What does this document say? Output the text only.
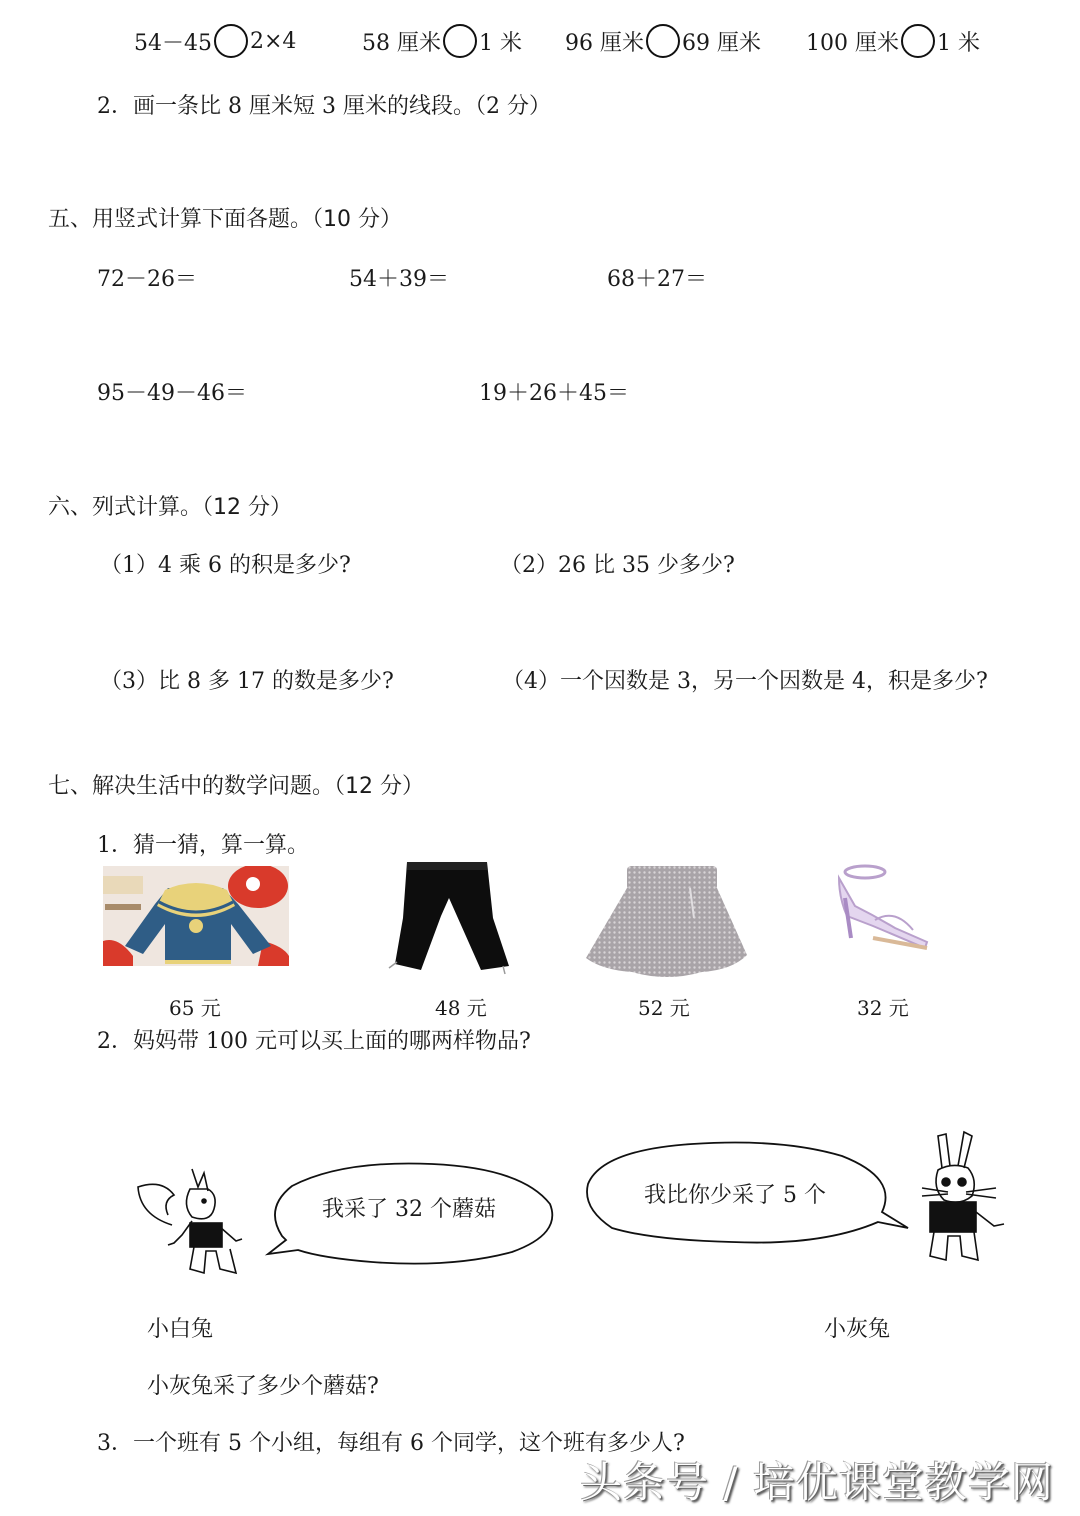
54－45 2×4	58 厘米 1 米 96 厘米 69 厘米 100 厘米 1 米
2．画一条比 8 厘米短 3 厘米的线段。（2 分）
五、用竖式计算下面各题。（10 分）
72－26＝	54＋39＝	68＋27＝
95－49－46＝	19＋26＋45＝
六、列式计算。（12 分）
（1）4 乘 6 的积是多少?	（2）26 比 35 少多少?
（3）比 8 多 17 的数是多少?	（4）一个因数是 3，另一个因数是 4，积是多少?
七、解决生活中的数学问题。（12 分）
1．猜一猜，算一算。
65 元	48 元	52 元	32 元
2．妈妈带 100 元可以买上面的哪两样物品?
我采了 32 个蘑菇
我比你少采了 5 个
小白兔	小灰兔
小灰兔采了多少个蘑菇?
3．一个班有 5 个小组，每组有 6 个同学，这个班有多少人?
头条号 / 培优课堂教学网
